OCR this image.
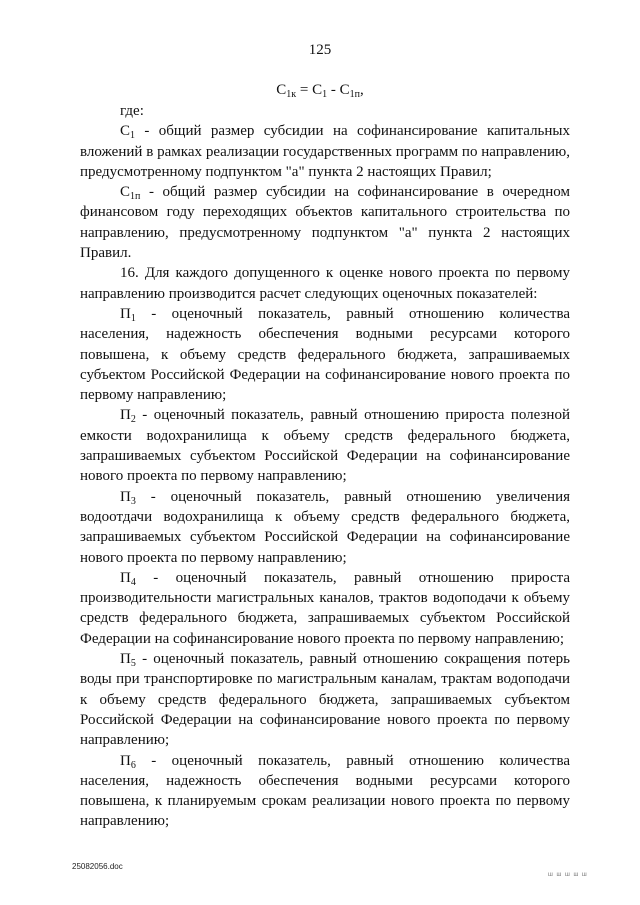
125
$C_{1к} = C_1 - C_{1п}$,

где:

$C_1$ - общий размер субсидии на софинансирование капитальных вложений в рамках реализации государственных программ по направлению, предусмотренному подпунктом "а" пункта 2 настоящих Правил;

$C_{1п}$ - общий размер субсидии на софинансирование в очередном финансовом году переходящих объектов капитального строительства по направлению, предусмотренному подпунктом "а" пункта 2 настоящих Правил.

16. Для каждого допущенного к оценке нового проекта по первому направлению производится расчет следующих оценочных показателей:

$П_1$ - оценочный показатель, равный отношению количества населения, надежность обеспечения водными ресурсами которого повышена, к объему средств федерального бюджета, запрашиваемых субъектом Российской Федерации на софинансирование нового проекта по первому направлению;

$П_2$ - оценочный показатель, равный отношению прироста полезной емкости водохранилища к объему средств федерального бюджета, запрашиваемых субъектом Российской Федерации на софинансирование нового проекта по первому направлению;

$П_3$ - оценочный показатель, равный отношению увеличения водоотдачи водохранилища к объему средств федерального бюджета, запрашиваемых субъектом Российской Федерации на софинансирование нового проекта по первому направлению;

$П_4$ - оценочный показатель, равный отношению прироста производительности магистральных каналов, трактов водоподачи к объему средств федерального бюджета, запрашиваемых субъектом Российской Федерации на софинансирование нового проекта по первому направлению;

$П_5$ - оценочный показатель, равный отношению сокращения потерь воды при транспортировке по магистральным каналам, трактам водоподачи к объему средств федерального бюджета, запрашиваемых субъектом Российской Федерации на софинансирование нового проекта по первому направлению;

$П_6$ - оценочный показатель, равный отношению количества населения, надежность обеспечения водными ресурсами которого повышена, к планируемым срокам реализации нового проекта по первому направлению;

25082056.doc
ш ш ш ш ш
